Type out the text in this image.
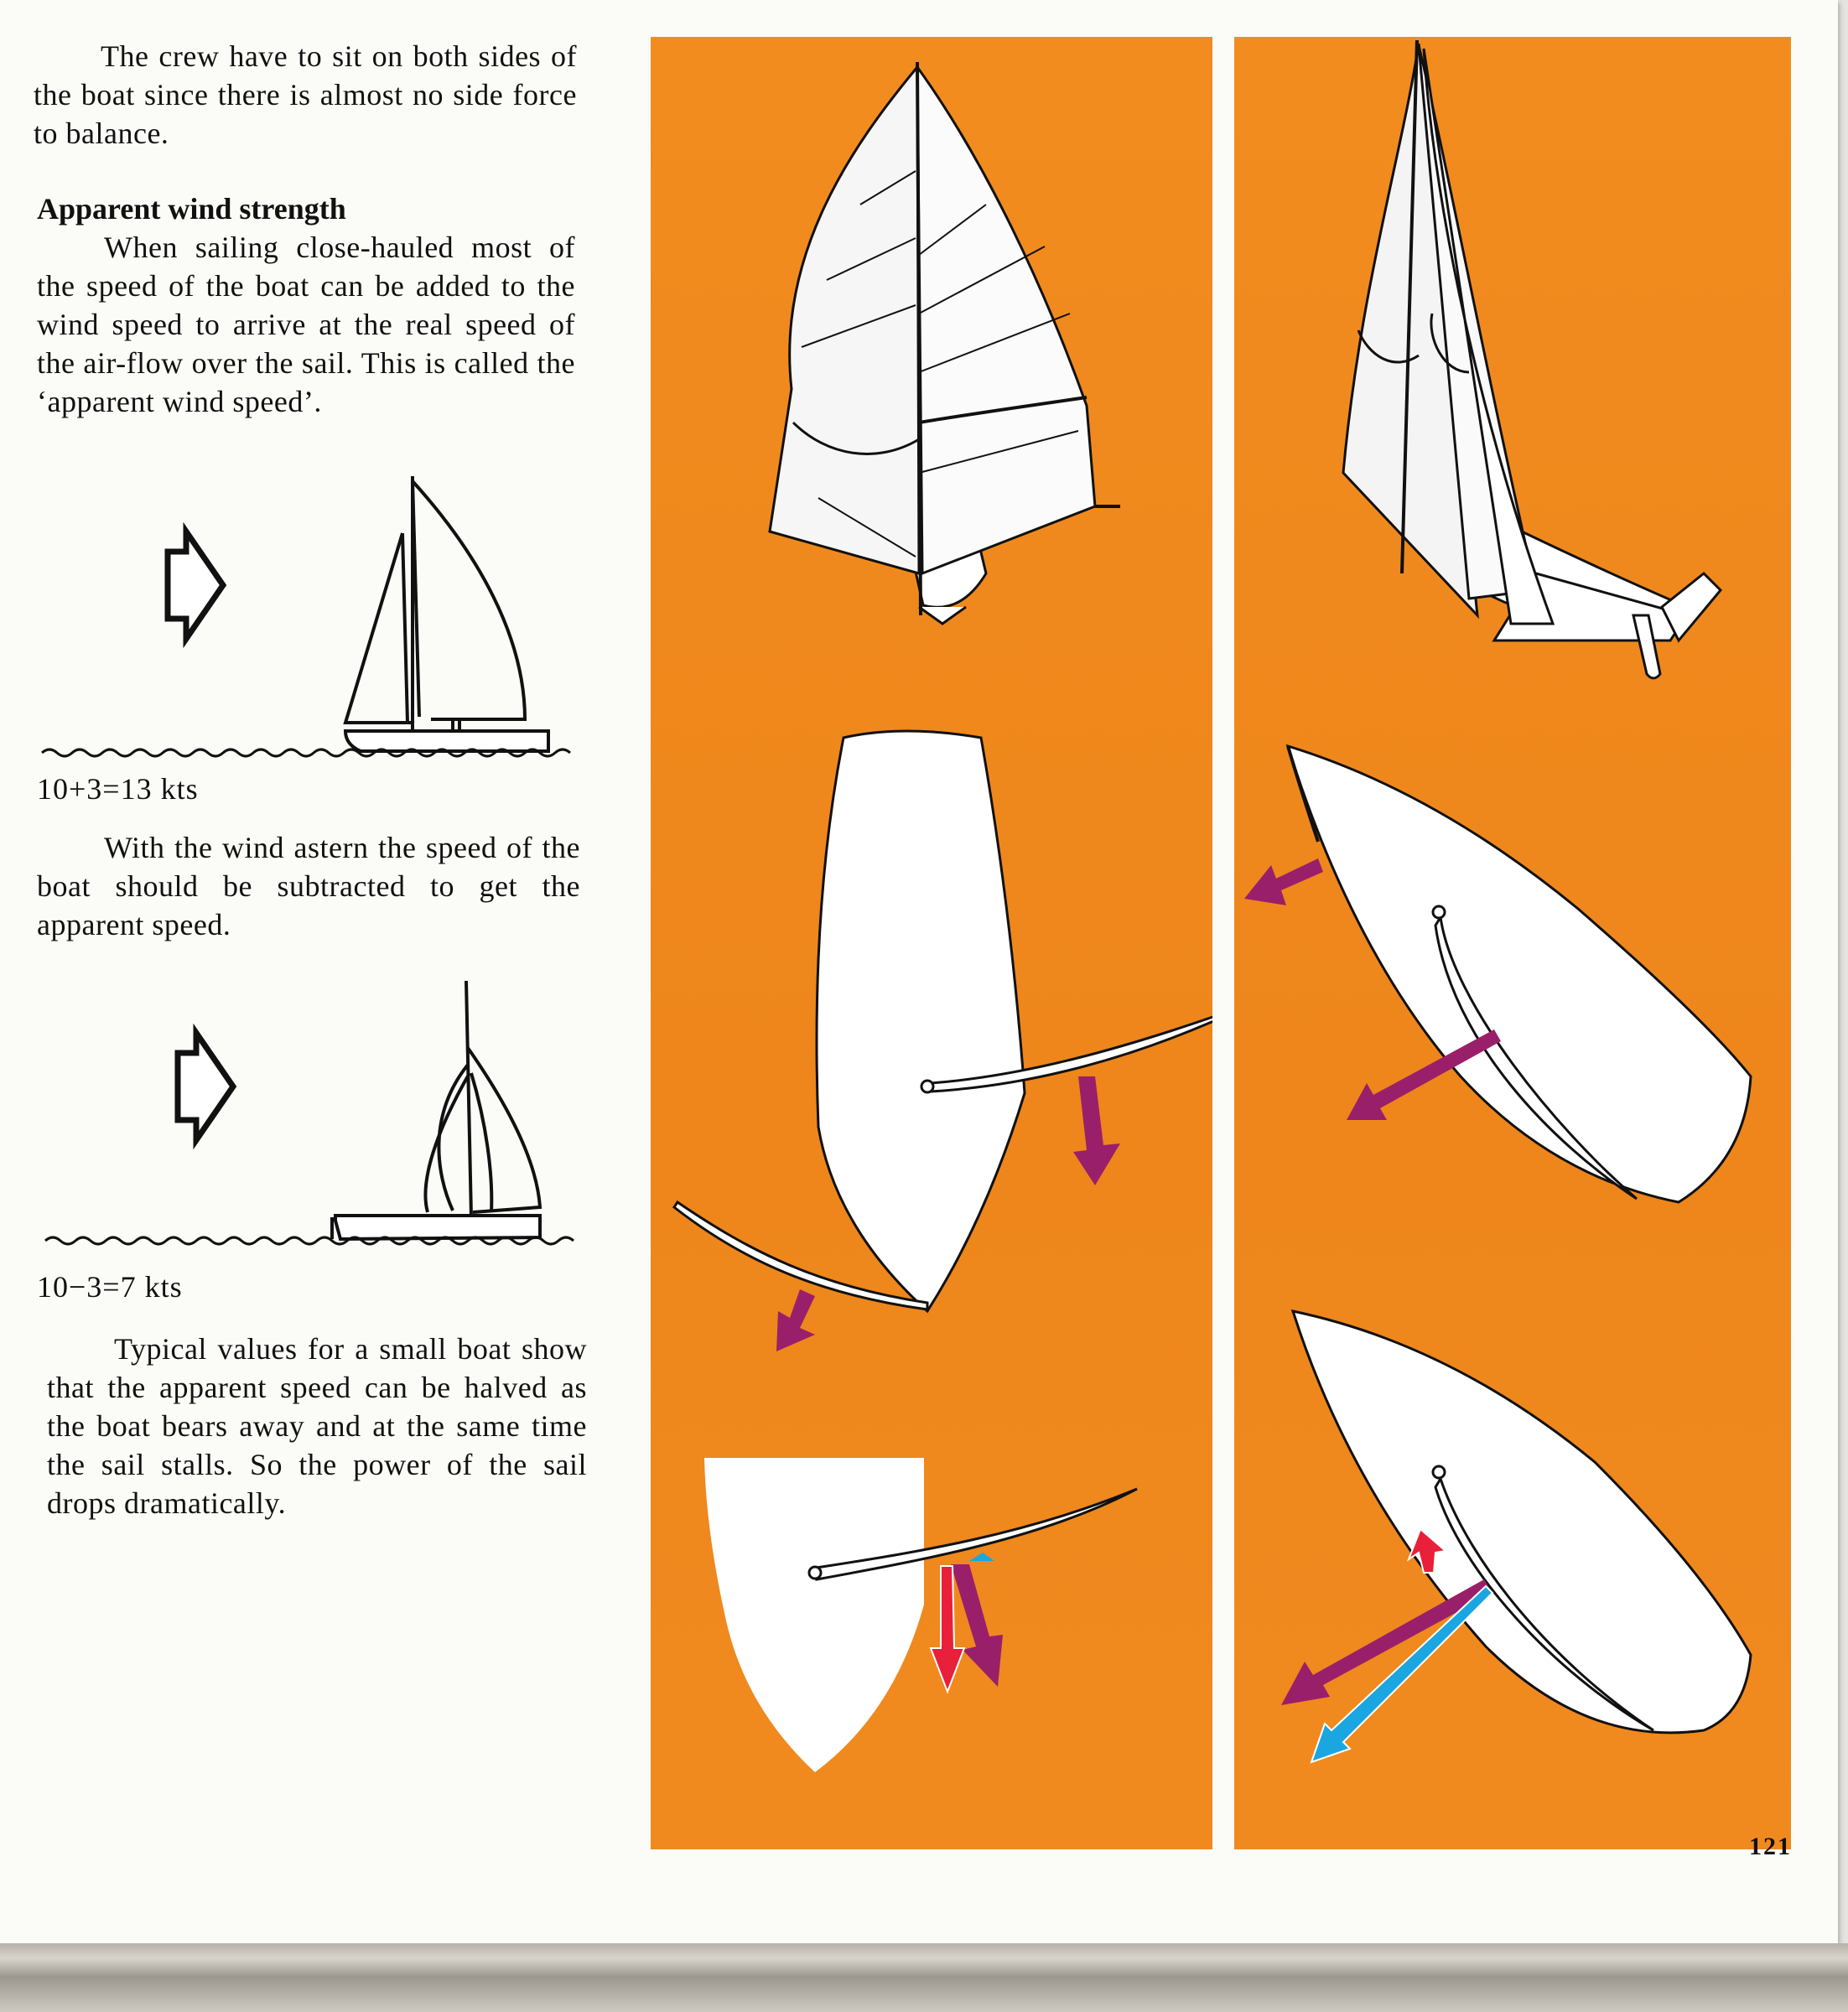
The crew have to sit on both sides of the boat since there is almost no side force to balance.

Apparent wind strength

When sailing close-hauled most of the speed of the boat can be added to the wind speed to arrive at the real speed of the air-flow over the sail. This is called the ‘apparent wind speed’.

10+3=13 kts

With the wind astern the speed of the boat should be subtracted to get the apparent speed.

10−3=7 kts

Typical values for a small boat show that the apparent speed can be halved as the boat bears away and at the same time the sail stalls. So the power of the sail drops dramatically.

121
